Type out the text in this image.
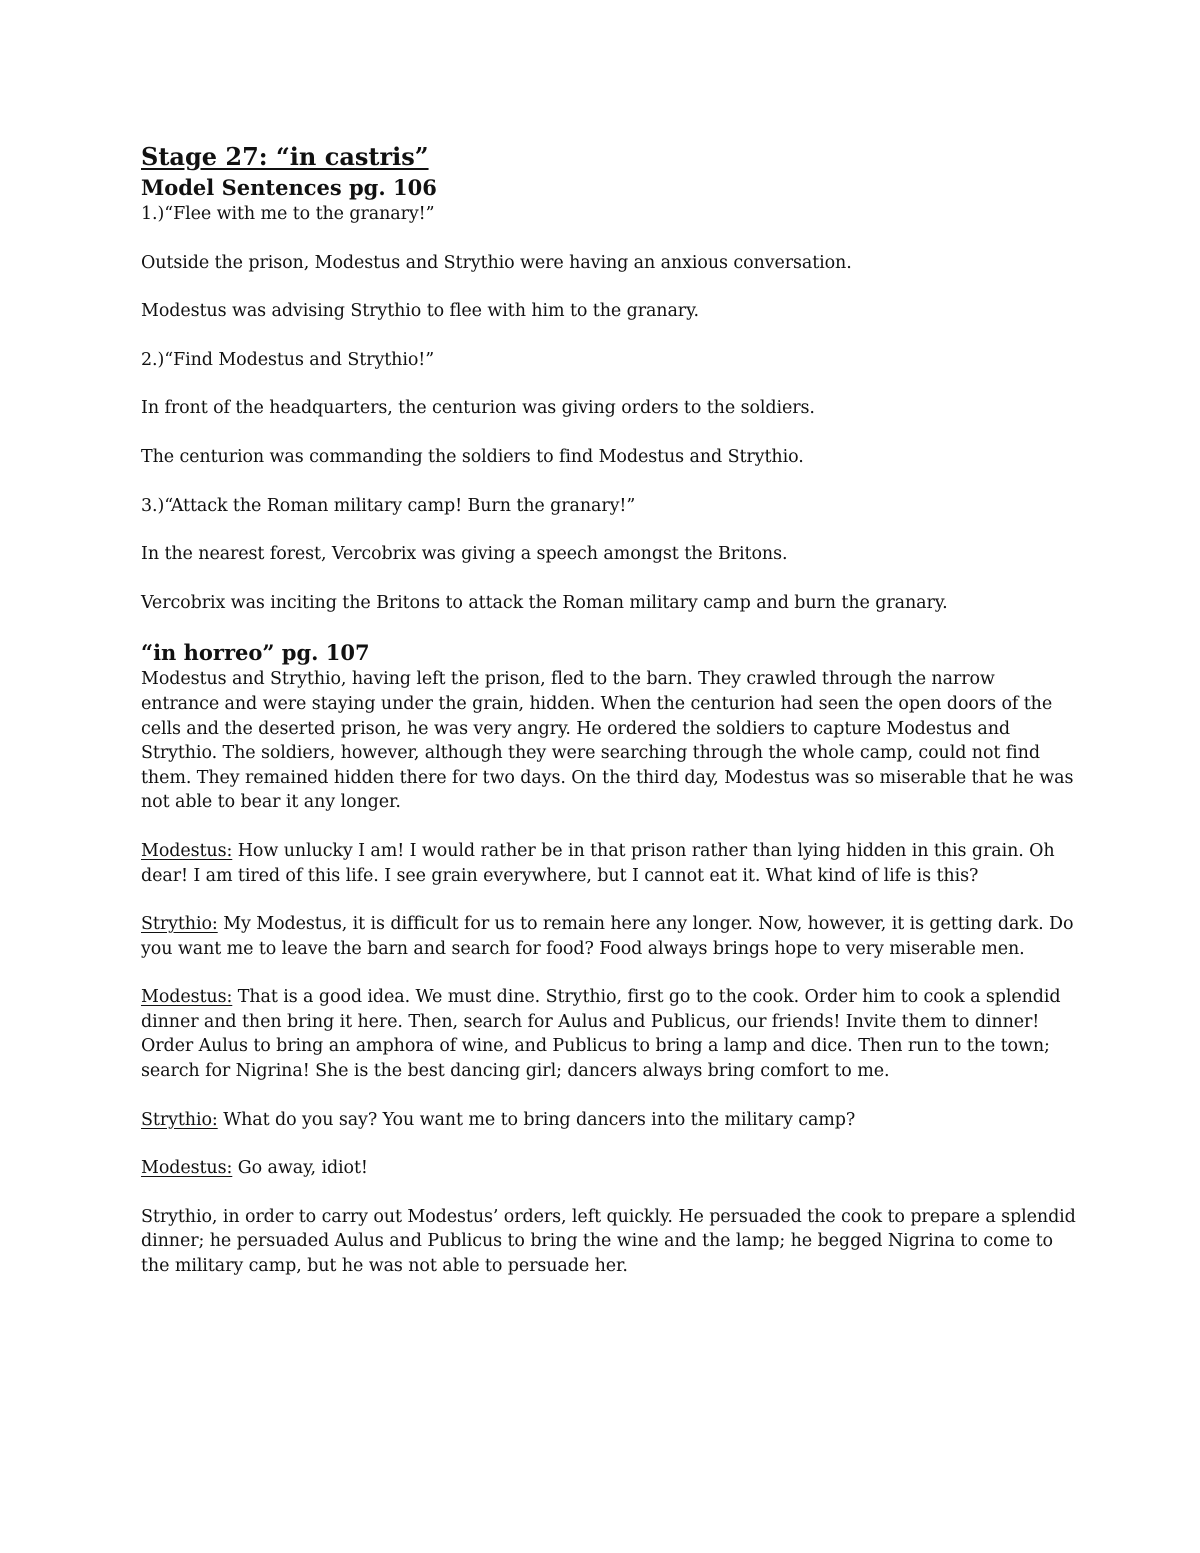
Stage 27: “in castris”
Model Sentences pg. 106

1.)“Flee with me to the granary!”

Outside the prison, Modestus and Strythio were having an anxious conversation.

Modestus was advising Strythio to flee with him to the granary.

2.)“Find Modestus and Strythio!”

In front of the headquarters, the centurion was giving orders to the soldiers.

The centurion was commanding the soldiers to find Modestus and Strythio.

3.)“Attack the Roman military camp! Burn the granary!”

In the nearest forest, Vercobrix was giving a speech amongst the Britons.

Vercobrix was inciting the Britons to attack the Roman military camp and burn the granary.

“in horreo” pg. 107

Modestus and Strythio, having left the prison, fled to the barn. They crawled through the narrow entrance and were staying under the grain, hidden. When the centurion had seen the open doors of the cells and the deserted prison, he was very angry. He ordered the soldiers to capture Modestus and Strythio. The soldiers, however, although they were searching through the whole camp, could not find them. They remained hidden there for two days. On the third day, Modestus was so miserable that he was not able to bear it any longer.

Modestus: How unlucky I am! I would rather be in that prison rather than lying hidden in this grain. Oh dear! I am tired of this life. I see grain everywhere, but I cannot eat it. What kind of life is this?

Strythio: My Modestus, it is difficult for us to remain here any longer. Now, however, it is getting dark. Do you want me to leave the barn and search for food? Food always brings hope to very miserable men.

Modestus: That is a good idea. We must dine. Strythio, first go to the cook. Order him to cook a splendid dinner and then bring it here. Then, search for Aulus and Publicus, our friends! Invite them to dinner! Order Aulus to bring an amphora of wine, and Publicus to bring a lamp and dice. Then run to the town; search for Nigrina! She is the best dancing girl; dancers always bring comfort to me.

Strythio: What do you say? You want me to bring dancers into the military camp?

Modestus: Go away, idiot!

Strythio, in order to carry out Modestus’ orders, left quickly. He persuaded the cook to prepare a splendid dinner; he persuaded Aulus and Publicus to bring the wine and the lamp; he begged Nigrina to come to the military camp, but he was not able to persuade her.
